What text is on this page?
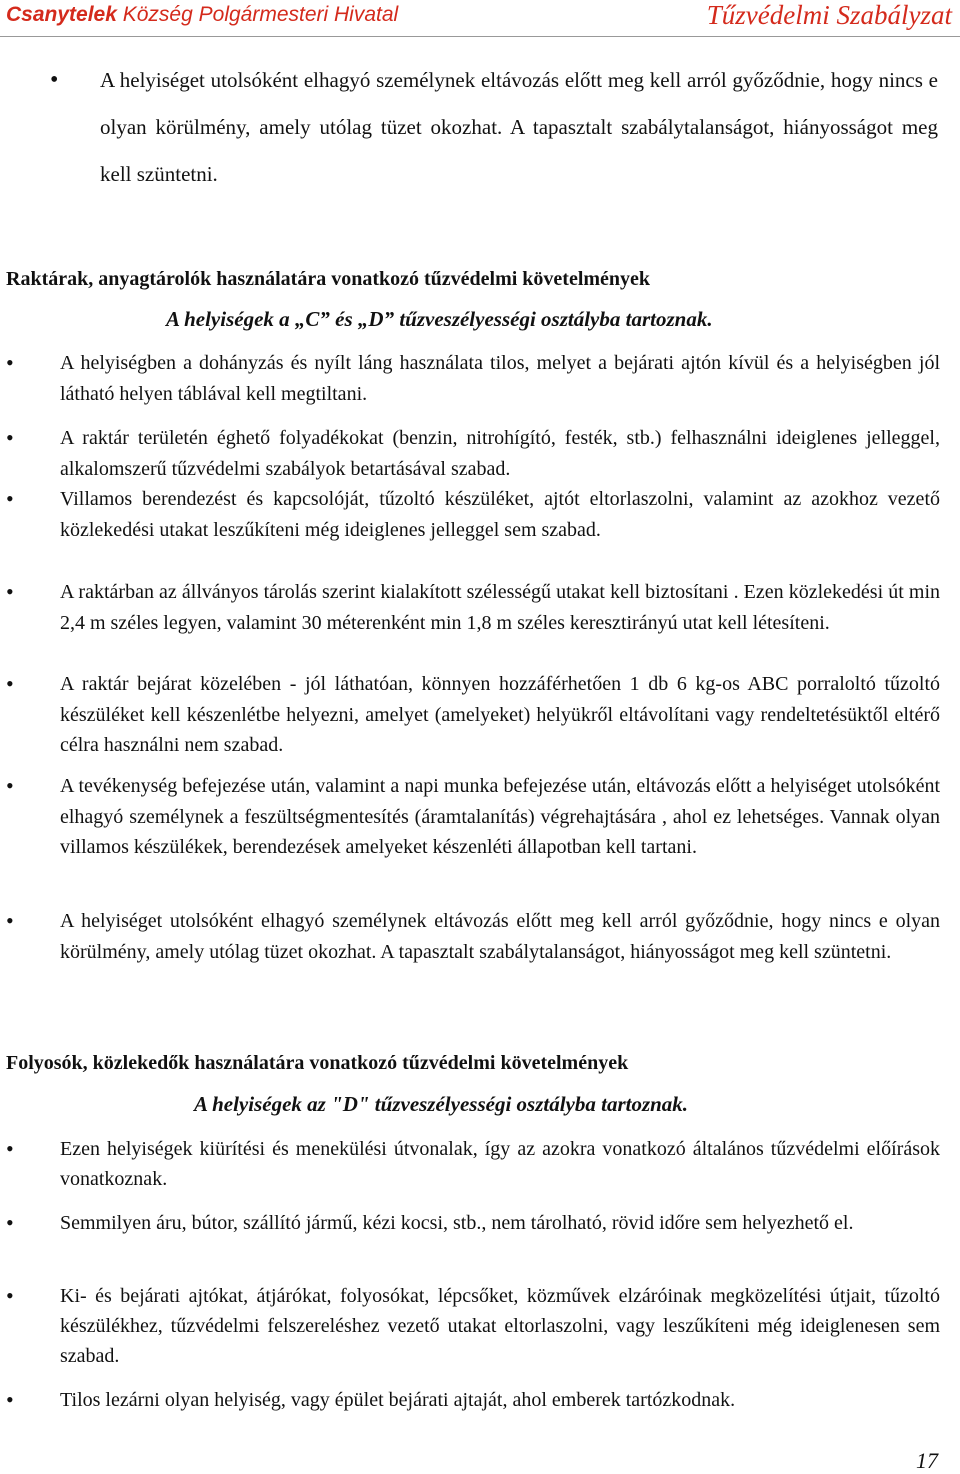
Csanytelek Község Polgármesteri Hivatal	Tűzvédelmi Szabályzat

• A helyiséget utolsóként elhagyó személynek eltávozás előtt meg kell arról győződnie, hogy nincs e olyan körülmény, amely utólag tüzet okozhat. A tapasztalt szabálytalanságot, hiányosságot meg kell szüntetni.

Raktárak, anyagtárolók használatára vonatkozó tűzvédelmi követelmények
A helyiségek a „C” és „D” tűzveszélyességi osztályba tartoznak.

• A helyiségben a dohányzás és nyílt láng használata tilos, melyet a bejárati ajtón kívül és a helyiségben jól látható helyen táblával kell megtiltani.

• A raktár területén éghető folyadékokat (benzin, nitrohígító, festék, stb.) felhasználni ideiglenes jelleggel, alkalomszerű tűzvédelmi szabályok betartásával szabad.

• Villamos berendezést és kapcsolóját, tűzoltó készüléket, ajtót eltorlaszolni, valamint az azokhoz vezető közlekedési utakat leszűkíteni még ideiglenes jelleggel sem szabad.

• A raktárban az állványos tárolás szerint kialakított szélességű utakat kell biztosítani . Ezen közlekedési út min 2,4 m széles legyen, valamint 30 méterenként min 1,8 m széles keresztirányú utat kell létesíteni.

• A raktár bejárat közelében - jól láthatóan, könnyen hozzáférhetően 1 db 6 kg-os ABC porraloltó tűzoltó készüléket kell készenlétbe helyezni, amelyet (amelyeket) helyükről eltávolítani vagy rendeltetésüktől eltérő célra használni nem szabad.

• A tevékenység befejezése után, valamint a napi munka befejezése után, eltávozás előtt a helyiséget utolsóként elhagyó személynek a feszültségmentesítés (áramtalanítás) végrehajtására , ahol ez lehetséges. Vannak olyan villamos készülékek, berendezések amelyeket készenléti állapotban kell tartani.

• A helyiséget utolsóként elhagyó személynek eltávozás előtt meg kell arról győződnie, hogy nincs e olyan körülmény, amely utólag tüzet okozhat. A tapasztalt szabálytalanságot, hiányosságot meg kell szüntetni.

Folyosók, közlekedők használatára vonatkozó tűzvédelmi követelmények
A helyiségek az "D" tűzveszélyességi osztályba tartoznak.

• Ezen helyiségek kiürítési és menekülési útvonalak, így az azokra vonatkozó általános tűzvédelmi előírások vonatkoznak.

• Semmilyen áru, bútor, szállító jármű, kézi kocsi, stb., nem tárolható, rövid időre sem helyezhető el.

• Ki- és bejárati ajtókat, átjárókat, folyosókat, lépcsőket, közművek elzáróinak megközelítési útjait, tűzoltó készülékhez, tűzvédelmi felszereléshez vezető utakat eltorlaszolni, vagy leszűkíteni még ideiglenesen sem szabad.

• Tilos lezárni olyan helyiség, vagy épület bejárati ajtaját, ahol emberek tartózkodnak.

17
